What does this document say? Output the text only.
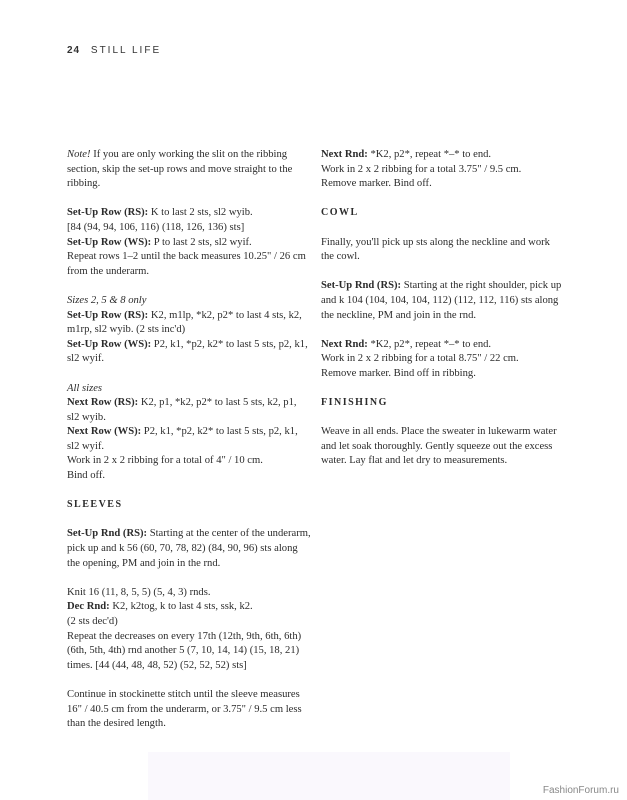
24 STILL LIFE

Note! If you are only working the slit on the ribbing section, skip the set-up rows and move straight to the ribbing.

Set-Up Row (RS): K to last 2 sts, sl2 wyib.

[84 (94, 94, 106, 116) (118, 126, 136) sts]

Set-Up Row (WS): P to last 2 sts, sl2 wyif.

Repeat rows 1–2 until the back measures 10.25" / 26 cm from the underarm.

Sizes 2, 5 & 8 only

Set-Up Row (RS): K2, m1lp, *k2, p2* to last 4 sts, k2, m1rp, sl2 wyib. (2 sts inc'd)

Set-Up Row (WS): P2, k1, *p2, k2* to last 5 sts, p2, k1, sl2 wyif.

All sizes

Next Row (RS): K2, p1, *k2, p2* to last 5 sts, k2, p1, sl2 wyib.

Next Row (WS): P2, k1, *p2, k2* to last 5 sts, p2, k1, sl2 wyif.

Work in 2 x 2 ribbing for a total of 4" / 10 cm.

Bind off.

SLEEVES

Set-Up Rnd (RS): Starting at the center of the underarm, pick up and k 56 (60, 70, 78, 82) (84, 90, 96) sts along the opening, PM and join in the rnd.

Knit 16 (11, 8, 5, 5) (5, 4, 3) rnds.

Dec Rnd: K2, k2tog, k to last 4 sts, ssk, k2.

(2 sts dec'd)

Repeat the decreases on every 17th (12th, 9th, 6th, 6th) (6th, 5th, 4th) rnd another 5 (7, 10, 14, 14) (15, 18, 21) times. [44 (44, 48, 48, 52) (52, 52, 52) sts]

Continue in stockinette stitch until the sleeve measures 16" / 40.5 cm from the underarm, or 3.75" / 9.5 cm less than the desired length.

Next Rnd: *K2, p2*, repeat *–* to end.

Work in 2 x 2 ribbing for a total 3.75" / 9.5 cm.

Remove marker. Bind off.

COWL

Finally, you'll pick up sts along the neckline and work the cowl.

Set-Up Rnd (RS): Starting at the right shoulder, pick up and k 104 (104, 104, 104, 112) (112, 112, 116) sts along the neckline, PM and join in the rnd.

Next Rnd: *K2, p2*, repeat *–* to end.

Work in 2 x 2 ribbing for a total 8.75" / 22 cm.

Remove marker. Bind off in ribbing.

FINISHING

Weave in all ends. Place the sweater in lukewarm water and let soak thoroughly. Gently squeeze out the excess water. Lay flat and let dry to measurements.

FashionForum.ru
